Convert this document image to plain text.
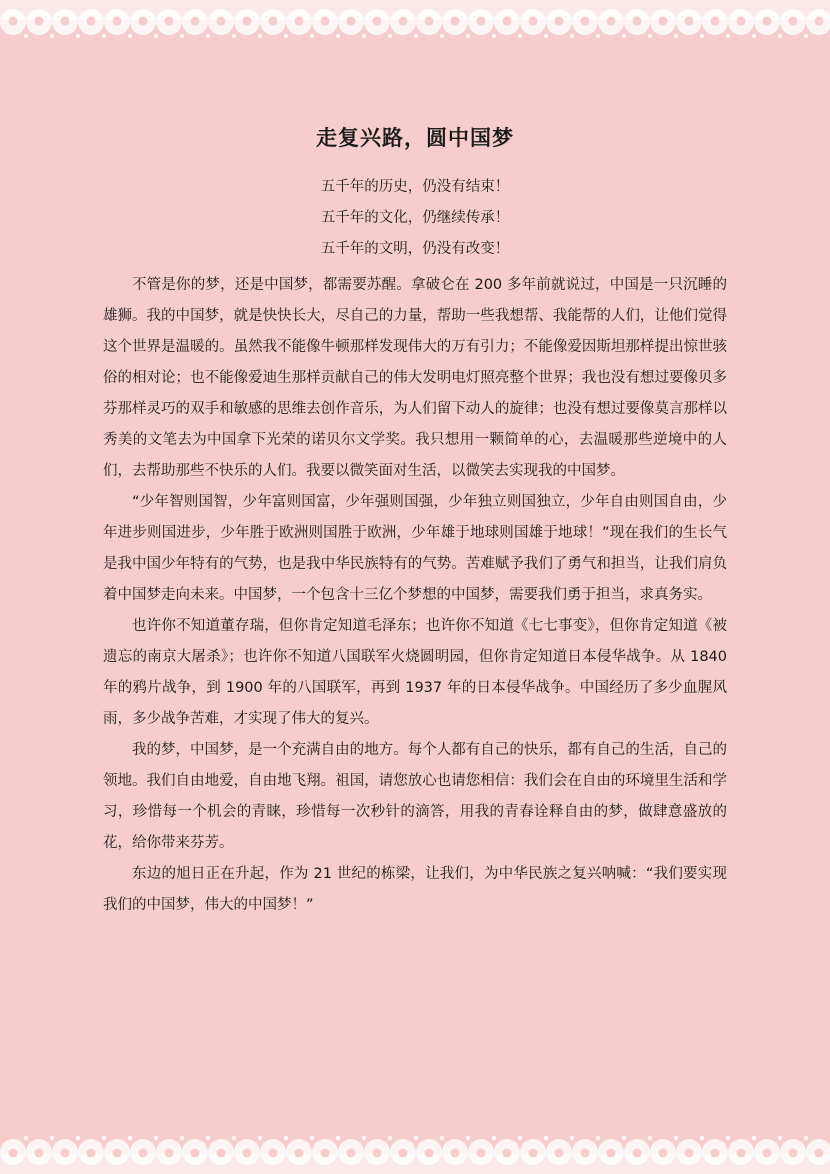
走复兴路，圆中国梦
五千年的历史，仍没有结束！
五千年的文化，仍继续传承！
五千年的文明，仍没有改变！

不管是你的梦，还是中国梦，都需要苏醒。拿破仑在 200 多年前就说过，中国是一只沉睡的雄狮。我的中国梦，就是快快长大，尽自己的力量，帮助一些我想帮、我能帮的人们，让他们觉得这个世界是温暖的。虽然我不能像牛顿那样发现伟大的万有引力；不能像爱因斯坦那样提出惊世骇俗的相对论；也不能像爱迪生那样贡献自己的伟大发明电灯照亮整个世界；我也没有想过要像贝多芬那样灵巧的双手和敏感的思维去创作音乐，为人们留下动人的旋律；也没有想过要像莫言那样以秀美的文笔去为中国拿下光荣的诺贝尔文学奖。我只想用一颗简单的心，去温暖那些逆境中的人们，去帮助那些不快乐的人们。我要以微笑面对生活，以微笑去实现我的中国梦。

“少年智则国智，少年富则国富，少年强则国强，少年独立则国独立，少年自由则国自由，少年进步则国进步，少年胜于欧洲则国胜于欧洲，少年雄于地球则国雄于地球！”现在我们的生长气是我中国少年特有的气势，也是我中华民族特有的气势。苦难赋予我们了勇气和担当，让我们肩负着中国梦走向未来。中国梦，一个包含十三亿个梦想的中国梦，需要我们勇于担当，求真务实。

也许你不知道董存瑞，但你肯定知道毛泽东；也许你不知道《七七事变》，但你肯定知道《被遗忘的南京大屠杀》；也许你不知道八国联军火烧圆明园，但你肯定知道日本侵华战争。从 1840 年的鸦片战争，到 1900 年的八国联军，再到 1937 年的日本侵华战争。中国经历了多少血腥风雨，多少战争苦难，才实现了伟大的复兴。

我的梦，中国梦，是一个充满自由的地方。每个人都有自己的快乐，都有自己的生活，自己的领地。我们自由地爱，自由地飞翔。祖国，请您放心也请您相信：我们会在自由的环境里生活和学习，珍惜每一个机会的青睐，珍惜每一次秒针的滴答，用我的青春诠释自由的梦，做肆意盛放的花，给你带来芬芳。

东边的旭日正在升起，作为 21 世纪的栋梁，让我们，为中华民族之复兴呐喊：“我们要实现我们的中国梦，伟大的中国梦！”
